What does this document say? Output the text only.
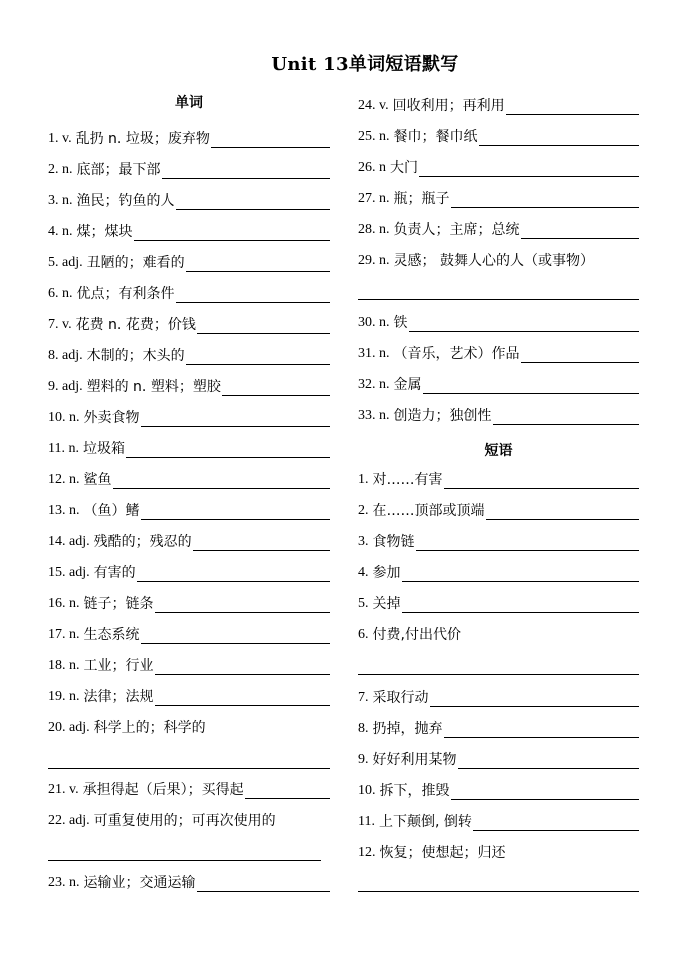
Unit 13单词短语默写
单词
1. v. 乱扔 n. 垃圾；废弃物
2. n. 底部；最下部
3. n. 渔民；钓鱼的人
4. n. 煤；煤块
5. adj. 丑陋的；难看的
6. n. 优点；有利条件
7. v. 花费 n. 花费；价钱
8. adj. 木制的；木头的
9. adj. 塑料的 n. 塑料；塑胶
10. n. 外卖食物
11. n. 垃圾箱
12. n. 鲨鱼
13. n. （鱼）鳍
14. adj. 残酷的；残忍的
15. adj. 有害的
16. n. 链子；链条
17. n. 生态系统
18. n. 工业；行业
19. n. 法律；法规
20. adj. 科学上的；科学的
21. v. 承担得起（后果）；买得起
22. adj. 可重复使用的；可再次使用的
23. n. 运输业；交通运输
24. v. 回收利用；再利用
25. n. 餐巾；餐巾纸
26. n 大门
27. n. 瓶；瓶子
28. n. 负责人；主席；总统
29. n. 灵感； 鼓舞人心的人（或事物）
30. n. 铁
31. n. （音乐，艺术）作品
32. n. 金属
33. n. 创造力；独创性
短语
1. 对……有害
2. 在……顶部或顶端
3. 食物链
4. 参加
5. 关掉
6. 付费,付出代价
7. 采取行动
8. 扔掉，抛弃
9. 好好利用某物
10. 拆下，推毁
11. 上下颠倒, 倒转
12. 恢复；使想起；归还
